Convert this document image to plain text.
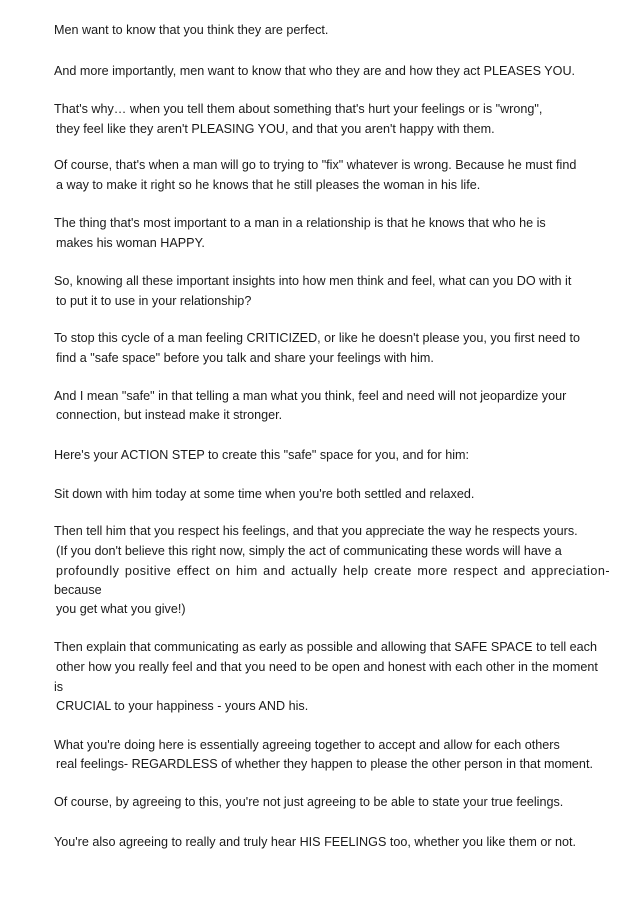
Men want to know that you think they are perfect.

And more importantly, men want to know that who they are and how they act PLEASES YOU.

That's why… when you tell them about something that's hurt your feelings or is "wrong",

they feel like they aren't PLEASING YOU, and that you aren't happy with them.

Of course, that's when a man will go to trying to "fix" whatever is wrong. Because he must find

a way to make it right so he knows that he still pleases the woman in his life.

The thing that's most important to a man in a relationship is that he knows that who he is

makes his woman HAPPY.

So, knowing all these important insights into how men think and feel, what can you DO with it

to put it to use in your relationship?

To stop this cycle of a man feeling CRITICIZED, or like he doesn't please you, you first need to

find a "safe space" before you talk and share your feelings with him.

And I mean "safe" in that telling a man what you think, feel and need will not jeopardize your

connection, but instead make it stronger.

Here's your ACTION STEP to create this "safe" space for you, and for him:

Sit down with him today at some time when you're both settled and relaxed.

Then tell him that you respect his feelings, and that you appreciate the way he respects yours.

(If you don't believe this right now, simply the act of communicating these words will have a

profoundly positive effect on him and actually help create more respect and appreciation-

because

you get what you give!)

Then explain that communicating as early as possible and allowing that SAFE SPACE to tell each

other how you really feel and that you need to be open and honest with each other in the moment

is

CRUCIAL to your happiness - yours AND his.

What you're doing here is essentially agreeing together to accept and allow for each others

real feelings- REGARDLESS of whether they happen to please the other person in that moment.

Of course, by agreeing to this, you're not just agreeing to be able to state your true feelings.

You're also agreeing to really and truly hear HIS FEELINGS too, whether you like them or not.
